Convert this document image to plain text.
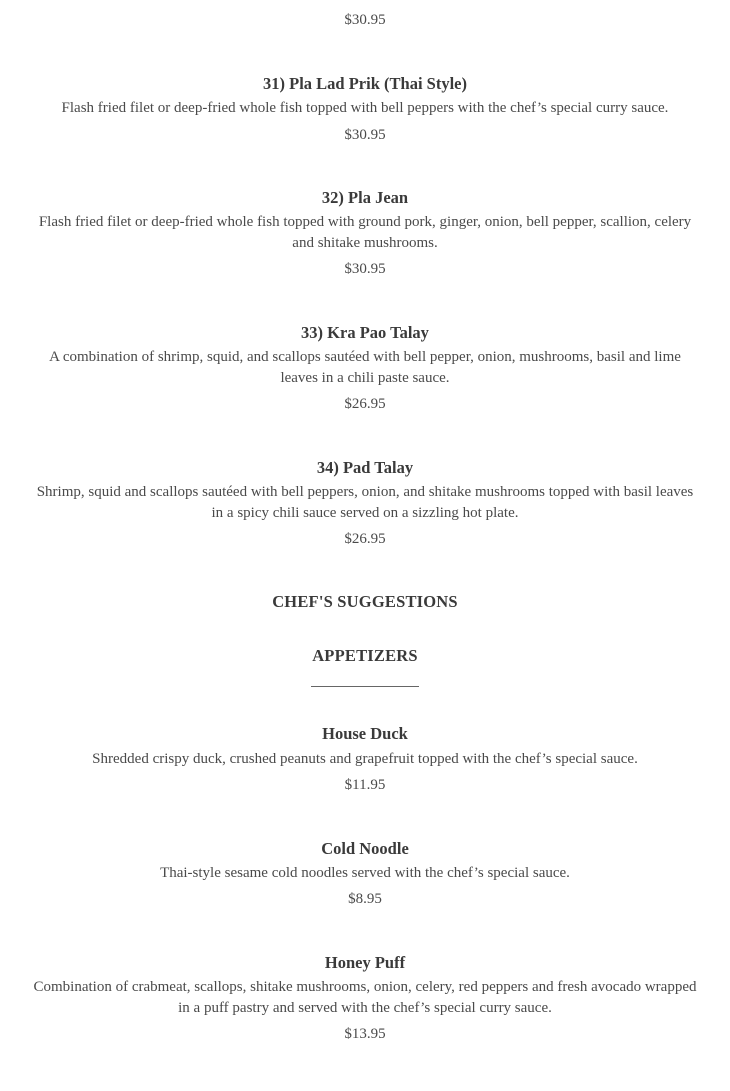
$30.95
31) Pla Lad Prik (Thai Style)
Flash fried filet or deep-fried whole fish topped with bell peppers with the chef’s special curry sauce.
$30.95
32) Pla Jean
Flash fried filet or deep-fried whole fish topped with ground pork, ginger, onion, bell pepper, scallion, celery and shitake mushrooms.
$30.95
33) Kra Pao Talay
A combination of shrimp, squid, and scallops sautéed with bell pepper, onion, mushrooms, basil and lime leaves in a chili paste sauce.
$26.95
34) Pad Talay
Shrimp, squid and scallops sautéed with bell peppers, onion, and shitake mushrooms topped with basil leaves in a spicy chili sauce served on a sizzling hot plate.
$26.95
CHEF'S SUGGESTIONS
APPETIZERS
House Duck
Shredded crispy duck, crushed peanuts and grapefruit topped with the chef’s special sauce.
$11.95
Cold Noodle
Thai-style sesame cold noodles served with the chef’s special sauce.
$8.95
Honey Puff
Combination of crabmeat, scallops, shitake mushrooms, onion, celery, red peppers and fresh avocado wrapped in a puff pastry and served with the chef’s special curry sauce.
$13.95
